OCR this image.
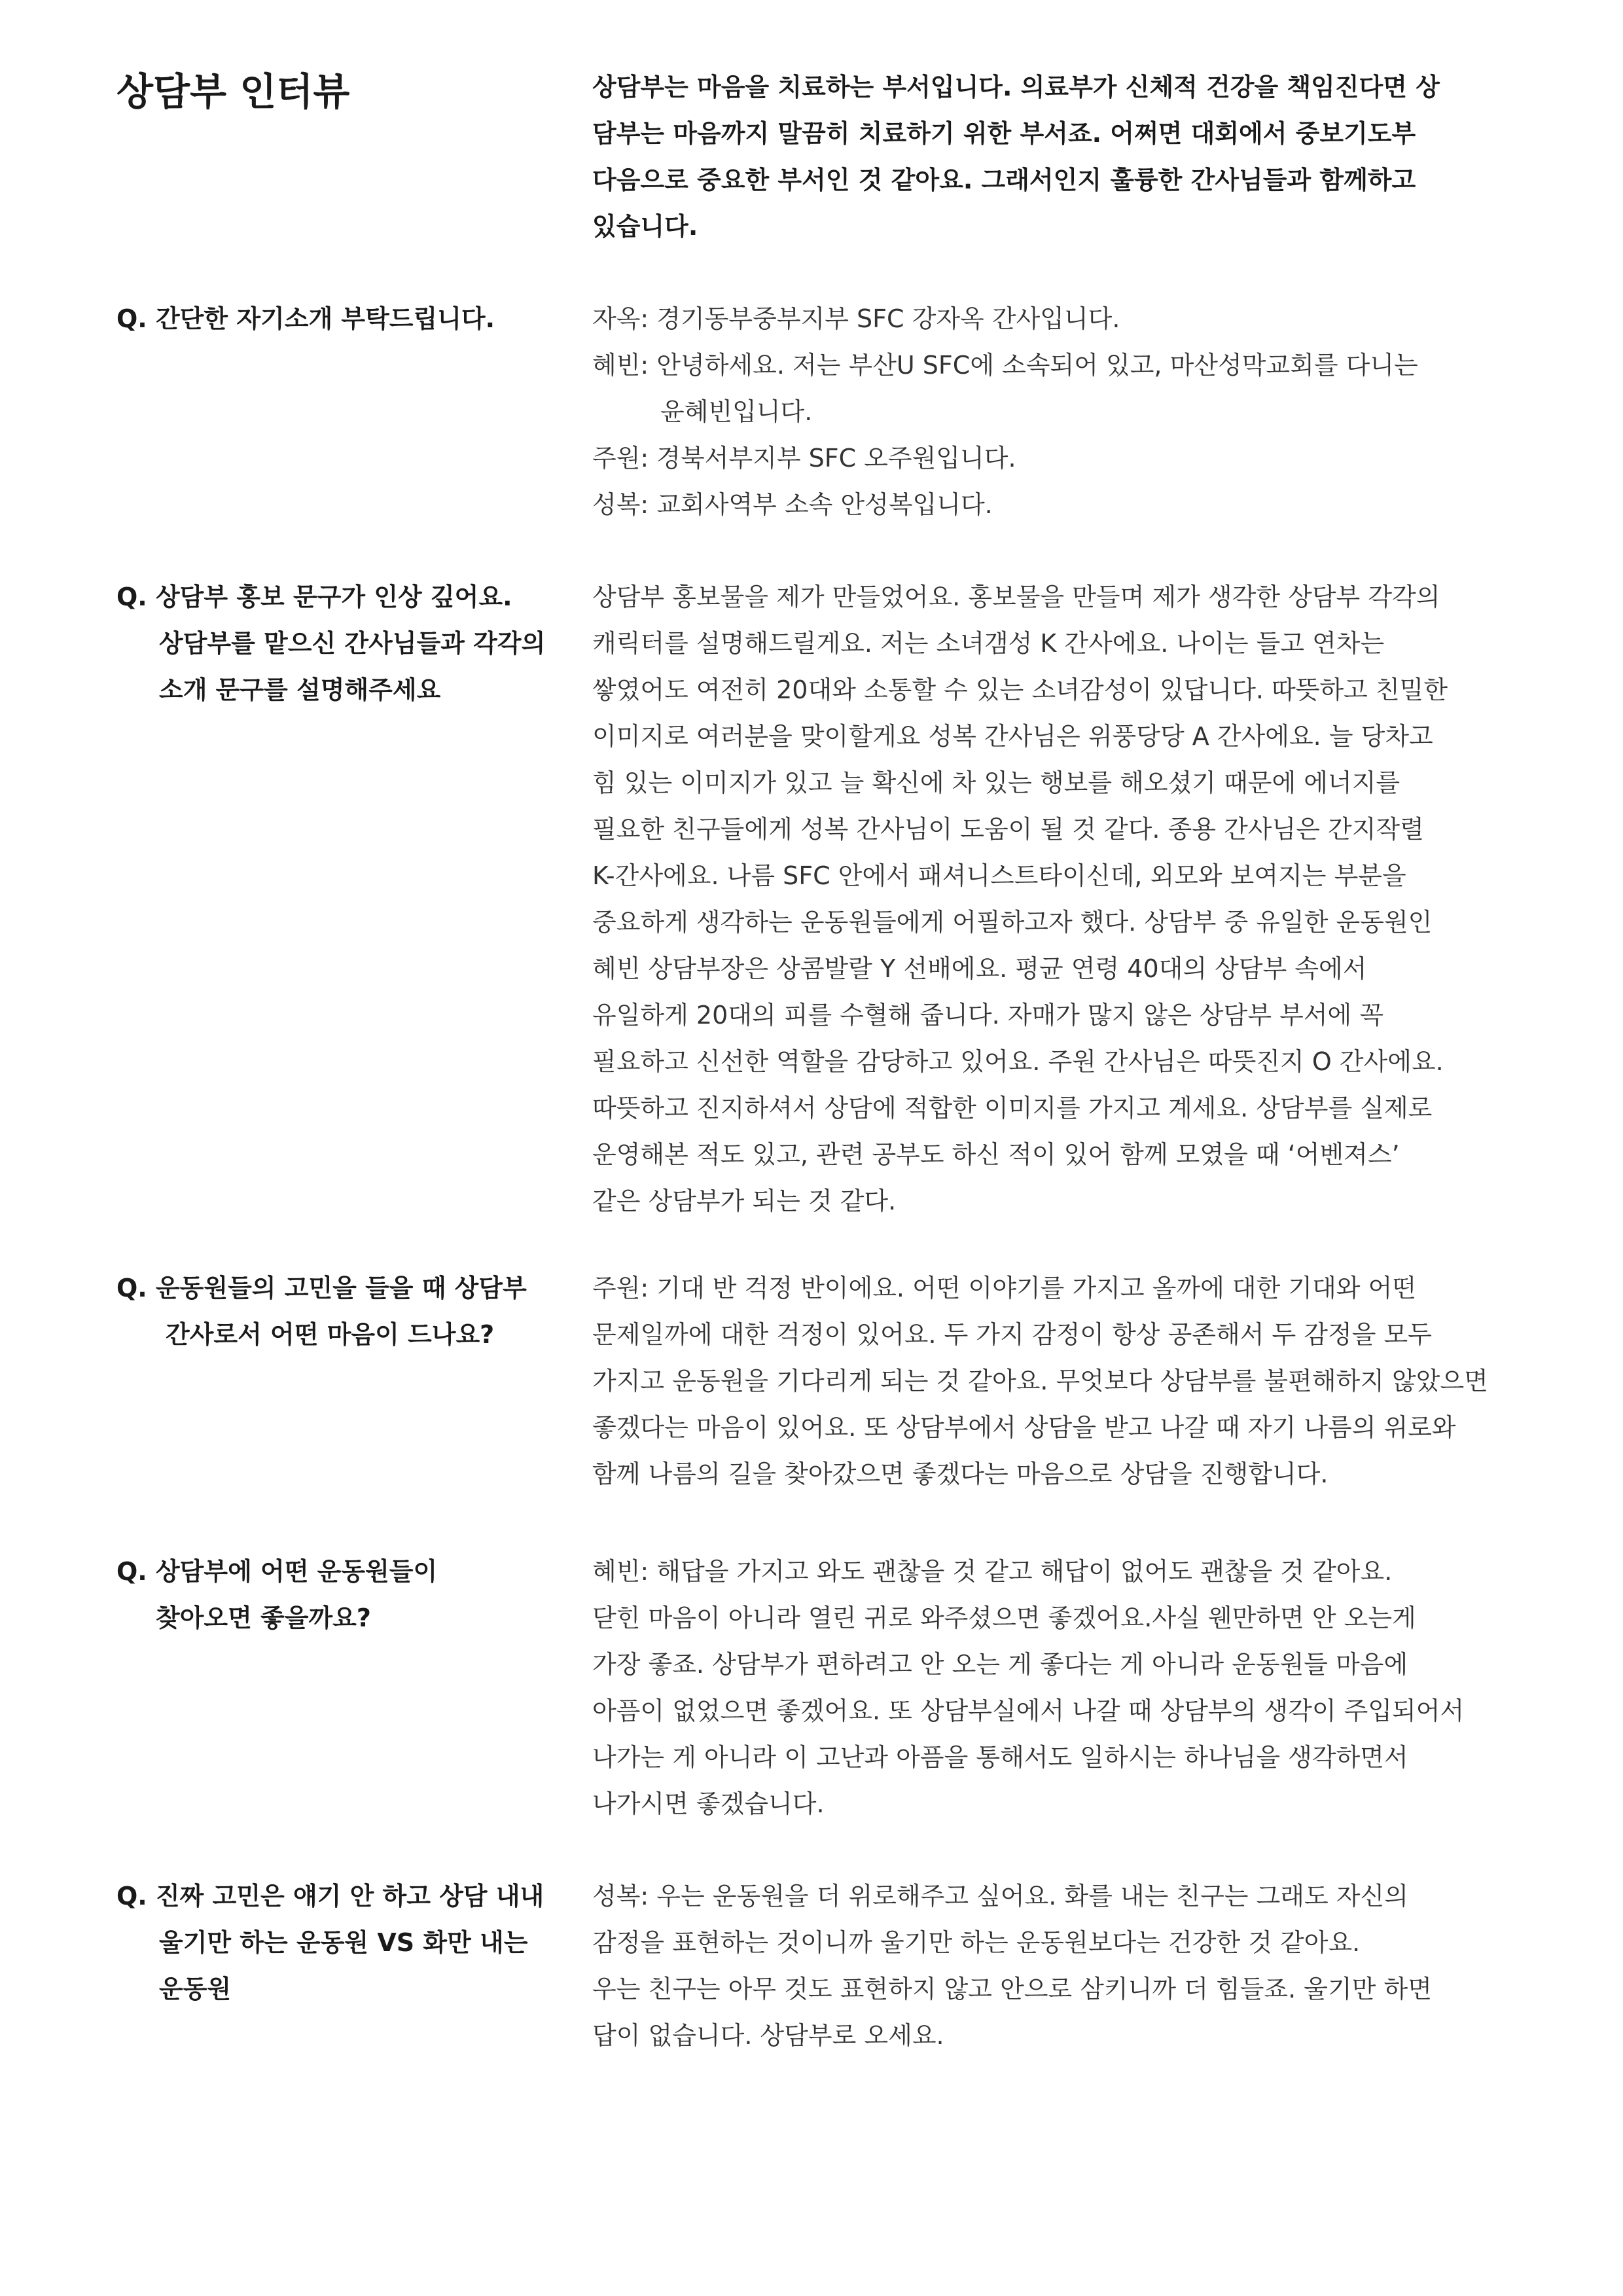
상담부 인터뷰	상담부는 마음을 치료하는 부서입니다. 의료부가 신체적 건강을 책임진다면 상

담부는 마음까지 말끔히 치료하기 위한 부서죠. 어쩌면 대회에서 중보기도부

다음으로 중요한 부서인 것 같아요. 그래서인지 훌륭한 간사님들과 함께하고

있습니다.

Q. 간단한 자기소개 부탁드립니다.	자옥: 경기동부중부지부 SFC 강자옥 간사입니다.

혜빈: 안녕하세요. 저는 부산U SFC에 소속되어 있고, 마산성막교회를 다니는

윤혜빈입니다.

주원: 경북서부지부 SFC 오주원입니다.

성복: 교회사역부 소속 안성복입니다.

Q. 상담부 홍보 문구가 인상 깊어요.

상담부를 맡으신 간사님들과 각각의

소개 문구를 설명해주세요

상담부 홍보물을 제가 만들었어요. 홍보물을 만들며 제가 생각한 상담부 각각의

캐릭터를 설명해드릴게요. 저는 소녀갬성 K 간사에요. 나이는 들고 연차는

쌓였어도 여전히 20대와 소통할 수 있는 소녀감성이 있답니다. 따뜻하고 친밀한

이미지로 여러분을 맞이할게요 성복 간사님은 위풍당당 A 간사에요. 늘 당차고

힘 있는 이미지가 있고 늘 확신에 차 있는 행보를 해오셨기 때문에 에너지를

필요한 친구들에게 성복 간사님이 도움이 될 것 같다. 종용 간사님은 간지작렬

K-간사에요. 나름 SFC 안에서 패셔니스트타이신데, 외모와 보여지는 부분을

중요하게 생각하는 운동원들에게 어필하고자 했다. 상담부 중 유일한 운동원인

혜빈 상담부장은 상콤발랄 Y 선배에요. 평균 연령 40대의 상담부 속에서

유일하게 20대의 피를 수혈해 줍니다. 자매가 많지 않은 상담부 부서에 꼭

필요하고 신선한 역할을 감당하고 있어요. 주원 간사님은 따뜻진지 O 간사에요.

따뜻하고 진지하셔서 상담에 적합한 이미지를 가지고 계세요. 상담부를 실제로

운영해본 적도 있고, 관련 공부도 하신 적이 있어 함께 모였을 때 ‘어벤져스’

같은 상담부가 되는 것 같다.

Q. 운동원들의 고민을 들을 때 상담부

간사로서 어떤 마음이 드나요?

주원: 기대 반 걱정 반이에요. 어떤 이야기를 가지고 올까에 대한 기대와 어떤

문제일까에 대한 걱정이 있어요. 두 가지 감정이 항상 공존해서 두 감정을 모두

가지고 운동원을 기다리게 되는 것 같아요. 무엇보다 상담부를 불편해하지 않았으면

좋겠다는 마음이 있어요. 또 상담부에서 상담을 받고 나갈 때 자기 나름의 위로와

함께 나름의 길을 찾아갔으면 좋겠다는 마음으로 상담을 진행합니다.

Q. 상담부에 어떤 운동원들이

찾아오면 좋을까요?

혜빈: 해답을 가지고 와도 괜찮을 것 같고 해답이 없어도 괜찮을 것 같아요.

닫힌 마음이 아니라 열린 귀로 와주셨으면 좋겠어요.사실 웬만하면 안 오는게

가장 좋죠. 상담부가 편하려고 안 오는 게 좋다는 게 아니라 운동원들 마음에

아픔이 없었으면 좋겠어요. 또 상담부실에서 나갈 때 상담부의 생각이 주입되어서

나가는 게 아니라 이 고난과 아픔을 통해서도 일하시는 하나님을 생각하면서

나가시면 좋겠습니다.

Q. 진짜 고민은 얘기 안 하고 상담 내내

울기만 하는 운동원 VS 화만 내는

운동원

성복: 우는 운동원을 더 위로해주고 싶어요. 화를 내는 친구는 그래도 자신의

감정을 표현하는 것이니까 울기만 하는 운동원보다는 건강한 것 같아요.

우는 친구는 아무 것도 표현하지 않고 안으로 삼키니까 더 힘들죠. 울기만 하면

답이 없습니다. 상담부로 오세요.
